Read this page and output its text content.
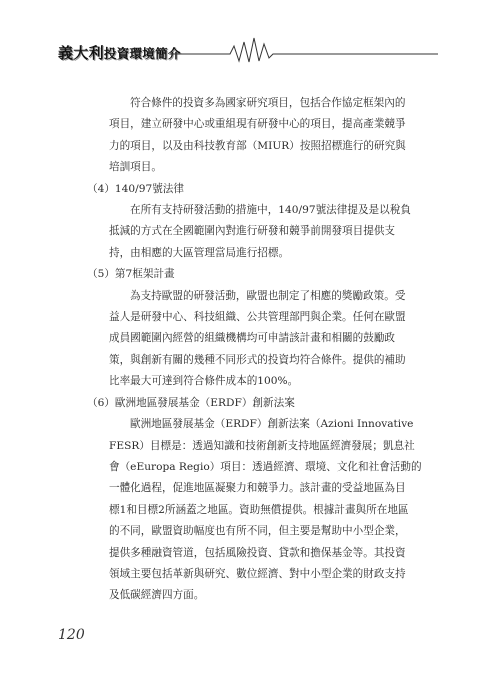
義大利投資環境簡介

符合條件的投資多為國家研究項目，包括合作協定框架內的
項目，建立研發中心或重組現有研發中心的項目，提高產業競爭
力的項目，以及由科技教育部（MIUR）按照招標進行的研究與
培訓項目。

（4）140/97號法律

在所有支持研發活動的措施中，140/97號法律提及是以稅負
抵減的方式在全國範圍內對進行研發和競爭前開發項目提供支
持，由相應的大區管理當局進行招標。

（5）第7框架計畫

為支持歐盟的研發活動，歐盟也制定了相應的獎勵政策。受
益人是研發中心、科技組織、公共管理部門與企業。任何在歐盟
成員國範圍內經營的組織機構均可申請該計畫和相關的鼓勵政
策，與創新有關的幾種不同形式的投資均符合條件。提供的補助
比率最大可達到符合條件成本的100%。

（6）歐洲地區發展基金（ERDF）創新法案

歐洲地區發展基金（ERDF）創新法案（Azioni Innovative
FESR）目標是：透過知識和技術創新支持地區經濟發展；凱息社
會（eEuropa Regio）項目：透過經濟、環境、文化和社會活動的
一體化過程，促進地區凝聚力和競爭力。該計畫的受益地區為目
標1和目標2所涵蓋之地區。資助無償提供。根據計畫與所在地區
的不同，歐盟資助幅度也有所不同，但主要是幫助中小型企業，
提供多種融資管道，包括風險投資、貸款和擔保基金等。其投資
領域主要包括革新與研究、數位經濟、對中小型企業的財政支持
及低碳經濟四方面。

120
